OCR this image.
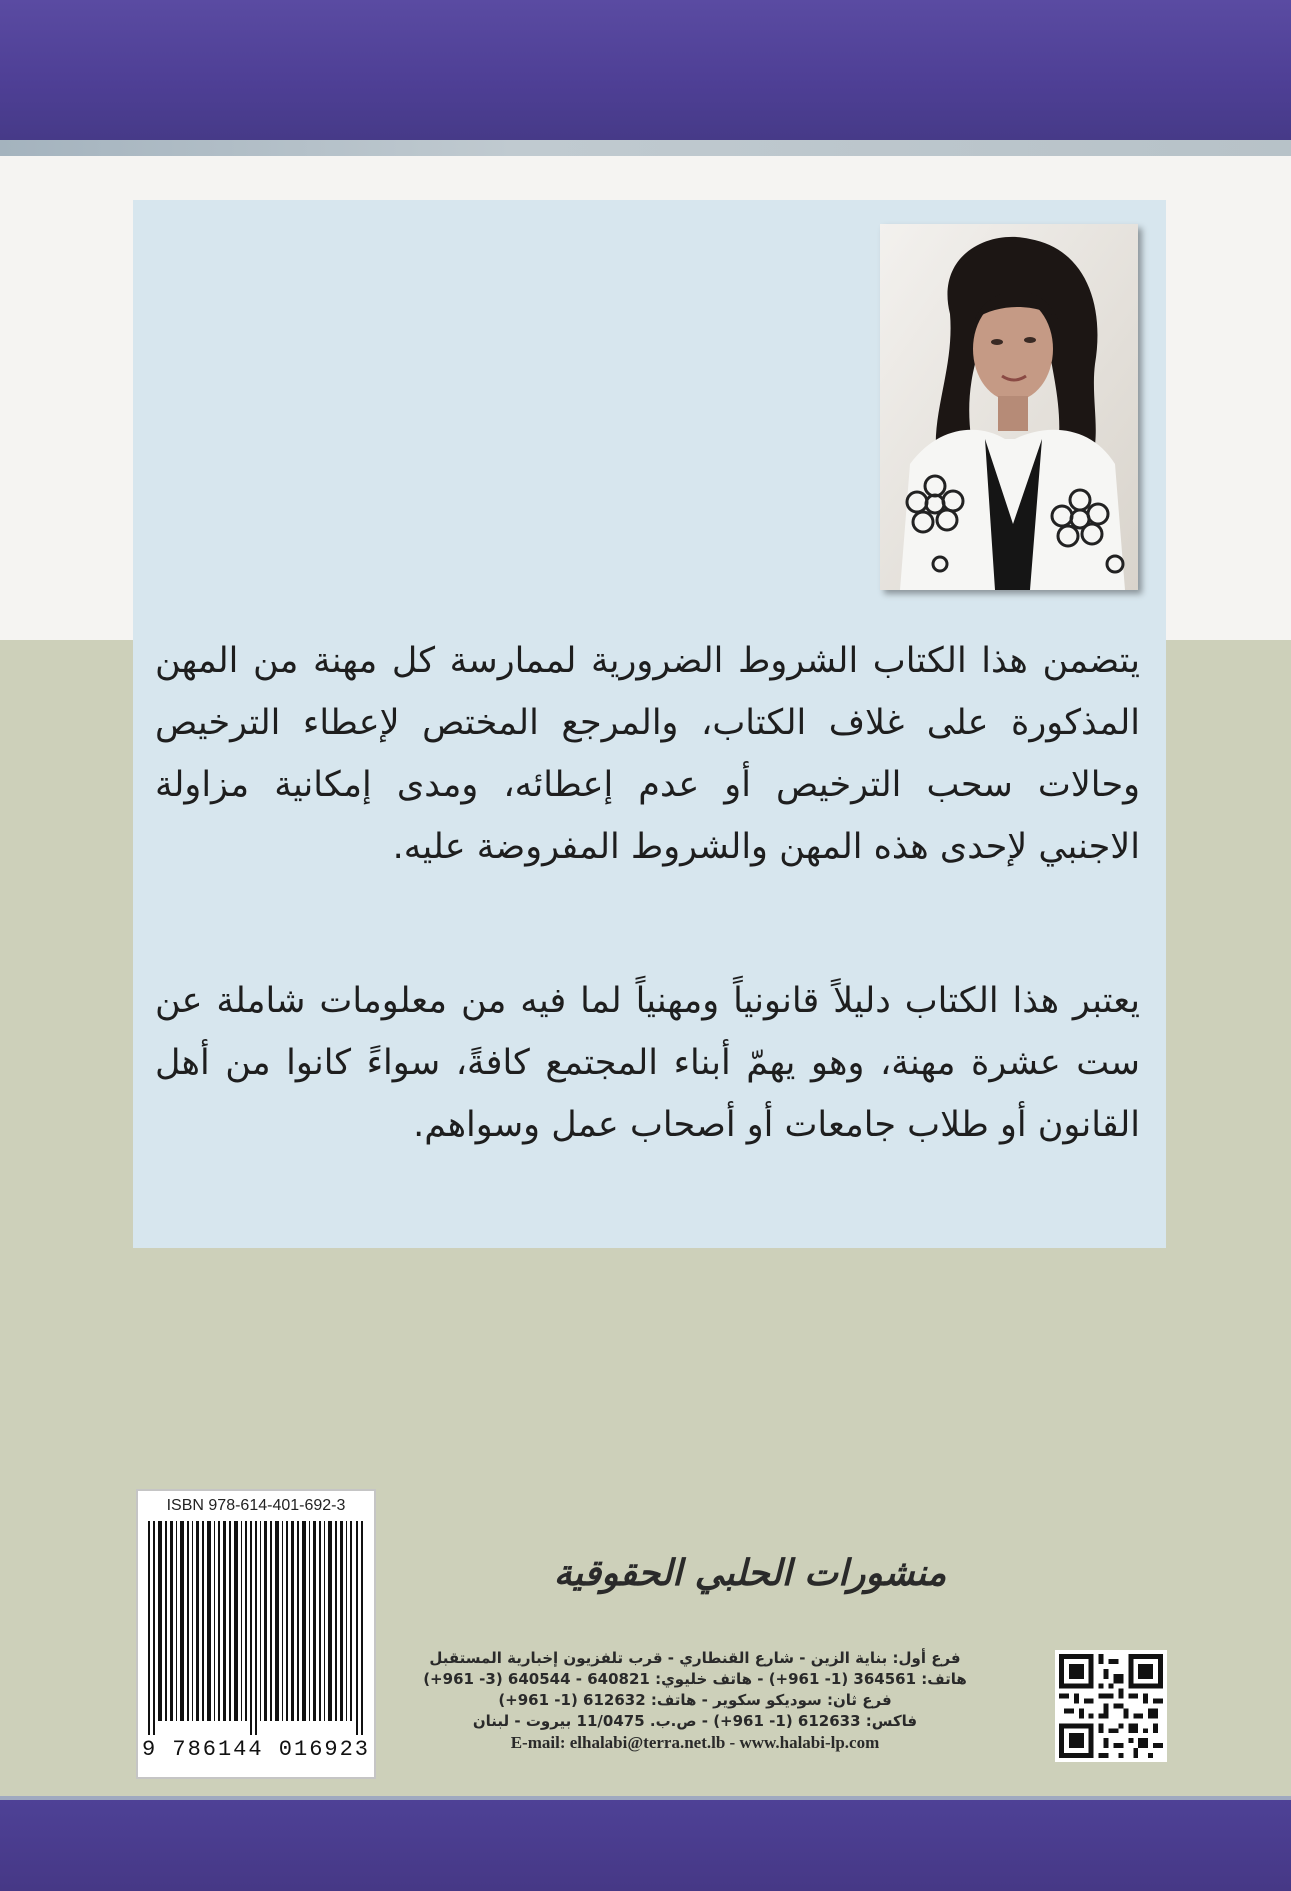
يتضمن هذا الكتاب الشروط الضرورية لممارسة كل مهنة من المهن المذكورة على غلاف الكتاب، والمرجع المختص لإعطاء الترخيص وحالات سحب الترخيص أو عدم إعطائه، ومدى إمكانية مزاولة الاجنبي لإحدى هذه المهن والشروط المفروضة عليه.

يعتبر هذا الكتاب دليلاً قانونياً ومهنياً لما فيه من معلومات شاملة عن ست عشرة مهنة، وهو يهمّ أبناء المجتمع كافةً، سواءً كانوا من أهل القانون أو طلاب جامعات أو أصحاب عمل وسواهم.

ISBN 978-614-401-692-3
9 786144 016923
منشورات الحلبي الحقوقية
فرع أول: بناية الزين - شارع القنطاري - قرب تلفزيون إخبارية المستقبل
هاتف: 364561 (1- 961+) - هاتف خليوي: 640821 - 640544 (3- 961+)
فرع ثان: سوديكو سكوير - هاتف: 612632 (1- 961+)
فاكس: 612633 (1- 961+) - ص.ب. 11/0475 بيروت - لبنان
E-mail: elhalabi@terra.net.lb - www.halabi-lp.com
